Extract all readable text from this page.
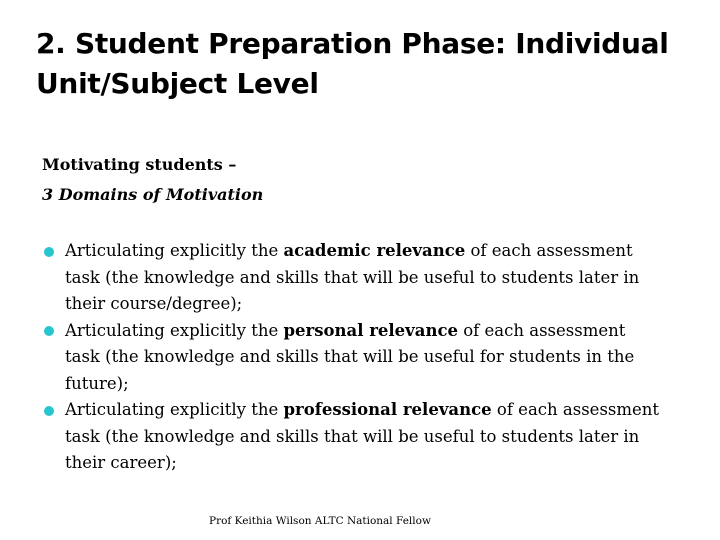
2. Student Preparation Phase: Individual
Unit/Subject Level
Motivating students –
3 Domains of Motivation
Articulating explicitly the academic relevance of each assessment
task (the knowledge and skills that will be useful to students later in
their course/degree);
Articulating explicitly the personal relevance of each assessment
task (the knowledge and skills that will be useful for students in the
future);
Articulating explicitly the professional relevance of each assessment
task (the knowledge and skills that will be useful to students later in
their career);
Prof Keithia Wilson ALTC National Fellow
